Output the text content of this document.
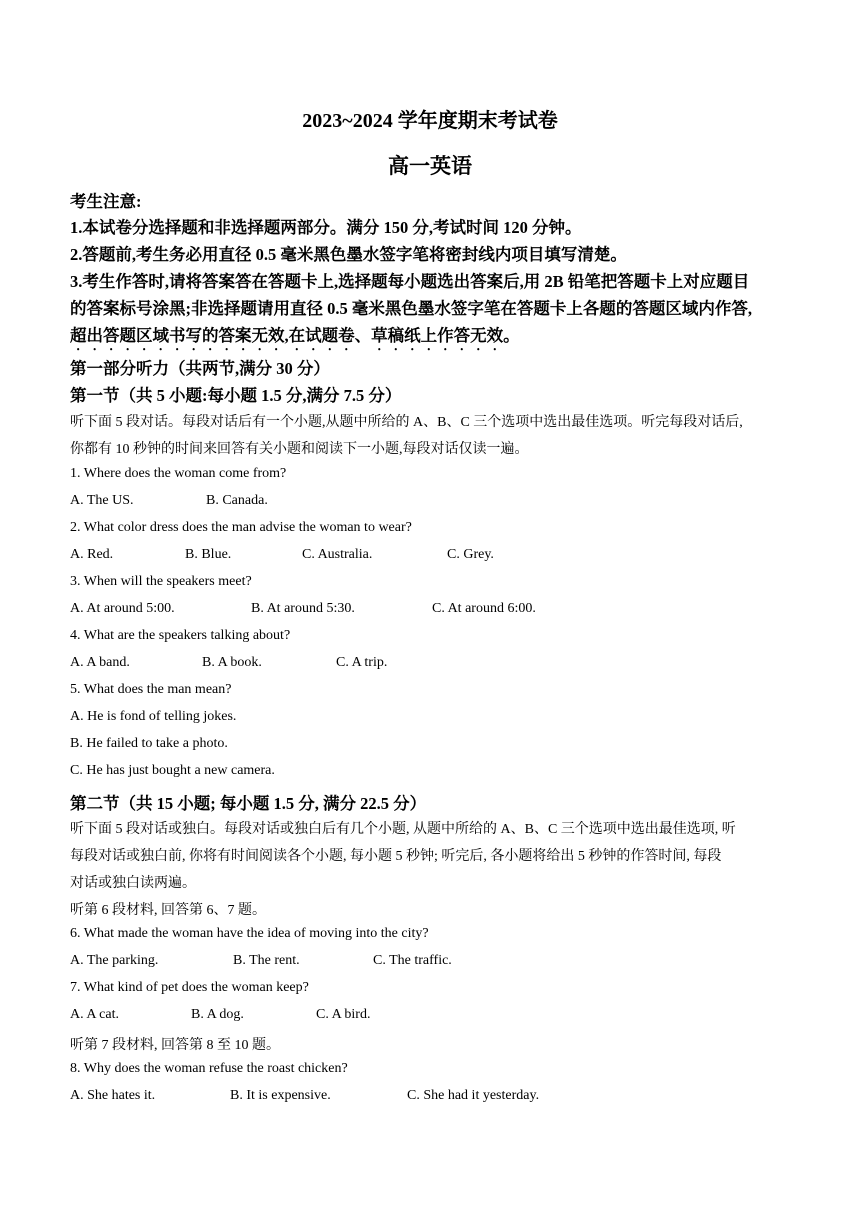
2023~2024 学年度期末考试卷
高一英语
考生注意:
1.本试卷分选择题和非选择题两部分。满分 150 分,考试时间 120 分钟。
2.答题前,考生务必用直径 0.5 毫米黑色墨水签字笔将密封线内项目填写清楚。
3.考生作答时,请将答案答在答题卡上,选择题每小题选出答案后,用 2B 铅笔把答题卡上对应题目
的答案标号涂黑;非选择题请用直径 0.5 毫米黑色墨水签字笔在答题卡上各题的答题区域内作答,
超出答题区域书写的答案无效,在试题卷、草稿纸上作答无效。
第一部分听力（共两节,满分 30 分）
第一节（共 5 小题:每小题 1.5 分,满分 7.5 分）
听下面 5 段对话。每段对话后有一个小题,从题中所给的 A、B、C 三个选项中选出最佳选项。听完每段对话后,
你都有 10 秒钟的时间来回答有关小题和阅读下一小题,每段对话仅读一遍。
1. Where does the woman come from?
A. The US.	B. Canada.
2. What color dress does the man advise the woman to wear?
A. Red.	B. Blue.	C. Australia.	C. Grey.
3. When will the speakers meet?
A. At around 5:00.	B. At around 5:30.	C. At around 6:00.
4. What are the speakers talking about?
A. A band.	B. A book.	C. A trip.
5. What does the man mean?
A. He is fond of telling jokes.
B. He failed to take a photo.
C. He has just bought a new camera.
第二节（共 15 小题; 每小题 1.5 分, 满分 22.5 分）
听下面 5 段对话或独白。每段对话或独白后有几个小题, 从题中所给的 A、B、C 三个选项中选出最佳选项, 听
每段对话或独白前, 你将有时间阅读各个小题, 每小题 5 秒钟; 听完后, 各小题将给出 5 秒钟的作答时间, 每段
对话或独白读两遍。
听第 6 段材料, 回答第 6、7 题。
6. What made the woman have the idea of moving into the city?
A. The parking.	B. The rent.	C. The traffic.
7. What kind of pet does the woman keep?
A. A cat.	B. A dog.	C. A bird.
听第 7 段材料, 回答第 8 至 10 题。
8. Why does the woman refuse the roast chicken?
A. She hates it.	B. It is expensive.	C. She had it yesterday.
